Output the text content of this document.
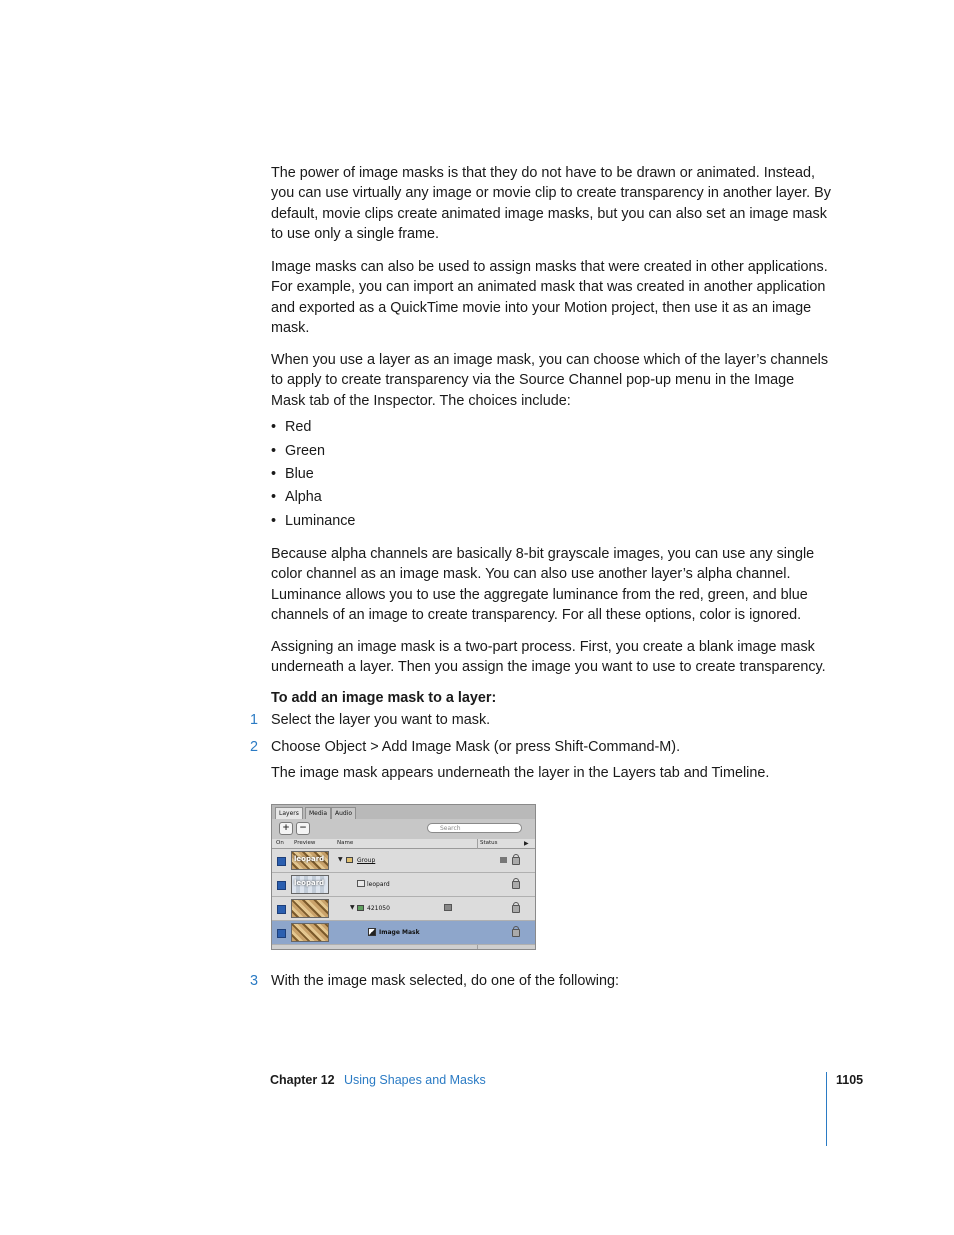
The power of image masks is that they do not have to be drawn or animated. Instead, you can use virtually any image or movie clip to create transparency in another layer. By default, movie clips create animated image masks, but you can also set an image mask to use only a single frame.

Image masks can also be used to assign masks that were created in other applications. For example, you can import an animated mask that was created in another application and exported as a QuickTime movie into your Motion project, then use it as an image mask.

When you use a layer as an image mask, you can choose which of the layer’s channels to apply to create transparency via the Source Channel pop-up menu in the Image Mask tab of the Inspector. The choices include:

• Red
• Green
• Blue
• Alpha
• Luminance

Because alpha channels are basically 8-bit grayscale images, you can use any single color channel as an image mask. You can also use another layer’s alpha channel. Luminance allows you to use the aggregate luminance from the red, green, and blue channels of an image to create transparency. For all these options, color is ignored.

Assigning an image mask is a two-part process. First, you create a blank image mask underneath a layer. Then you assign the image you want to use to create transparency.

To add an image mask to a layer:
1 Select the layer you want to mask.
2 Choose Object > Add Image Mask (or press Shift-Command-M).
The image mask appears underneath the layer in the Layers tab and Timeline.
Layers	Media	Audio
+	−	Search
On Preview	Name	Status	▶
leopard ▼ Group
leopard	leopard
▼ 421050
Image Mask
3 With the image mask selected, do one of the following:
Chapter 12 Using Shapes and Masks	1105
